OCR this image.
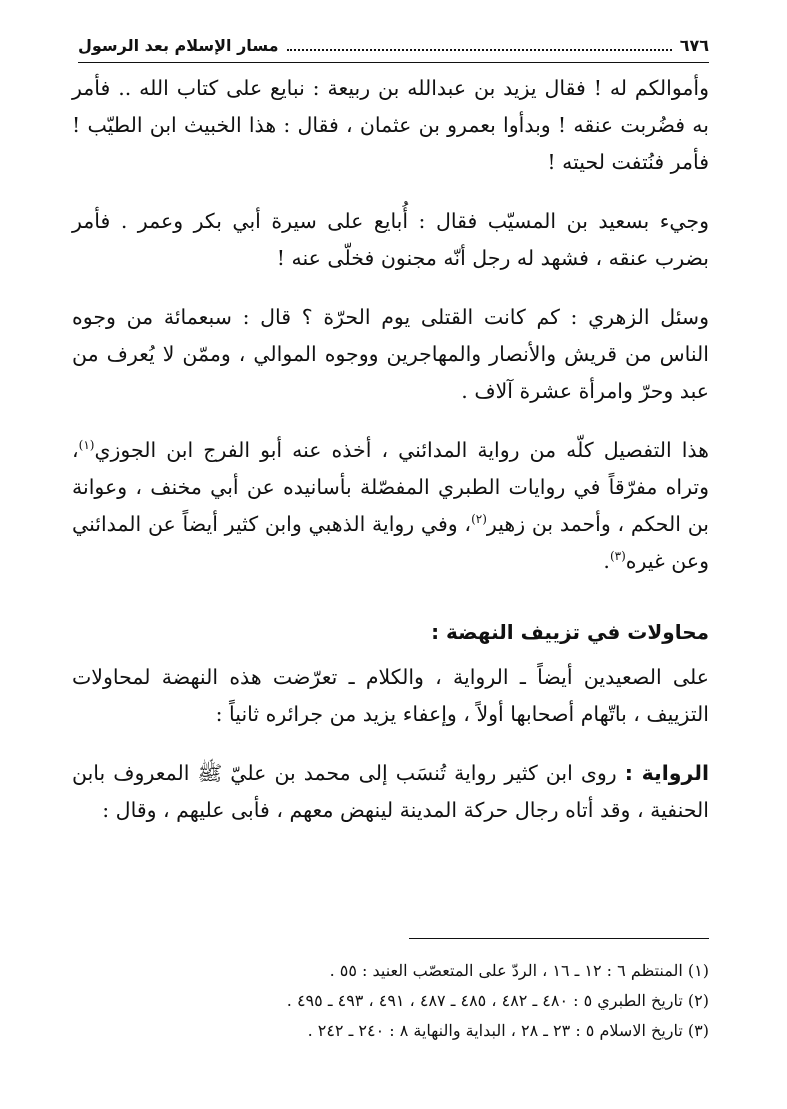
٦٧٦
مسار الإسلام بعد الرسول

وأموالكم له ! فقال يزيد بن عبدالله بن ربيعة : نبايع على كتاب الله .. فأمر به فضُربت عنقه ! وبدأوا بعمرو بن عثمان ، فقال : هذا الخبيث ابن الطيّب ! فأمر فنُتفت لحيته !

وجيء بسعيد بن المسيّب فقال : أُبايع على سيرة أبي بكر وعمر . فأمر بضرب عنقه ، فشهد له رجل أنّه مجنون فخلّى عنه !

وسئل الزهري : كم كانت القتلى يوم الحرّة ؟ قال : سبعمائة من وجوه الناس من قريش والأنصار والمهاجرين ووجوه الموالي ، وممّن لا يُعرف من عبد وحرّ وامرأة عشرة آلاف .

هذا التفصيل كلّه من رواية المدائني ، أخذه عنه أبو الفرج ابن الجوزي$^{(١)}$، وتراه مفرّقاً في روايات الطبري المفصّلة بأسانيده عن أبي مخنف ، وعوانة بن الحكم ، وأحمد بن زهير$^{(٢)}$، وفي رواية الذهبي وابن كثير أيضاً عن المدائني وعن غيره$^{(٣)}$.

محاولات في تزييف النهضة :

على الصعيدين أيضاً ـ الرواية ، والكلام ـ تعرّضت هذه النهضة لمحاولات التزييف ، باتّهام أصحابها أولاً ، وإعفاء يزيد من جرائره ثانياً :

الرواية : روى ابن كثير رواية تُنسَب إلى محمد بن عليّ ﷺ المعروف بابن الحنفية ، وقد أتاه رجال حركة المدينة لينهض معهم ، فأبى عليهم ، وقال :

(١) المنتظم ٦ : ١٢ ـ ١٦ ، الردّ على المتعصّب العنيد : ٥٥ .
(٢) تاريخ الطبري ٥ : ٤٨٠ ـ ٤٨٢ ، ٤٨٥ ـ ٤٨٧ ، ٤٩١ ، ٤٩٣ ـ ٤٩٥ .
(٣) تاريخ الاسلام ٥ : ٢٣ ـ ٢٨ ، البداية والنهاية ٨ : ٢٤٠ ـ ٢٤٢ .
